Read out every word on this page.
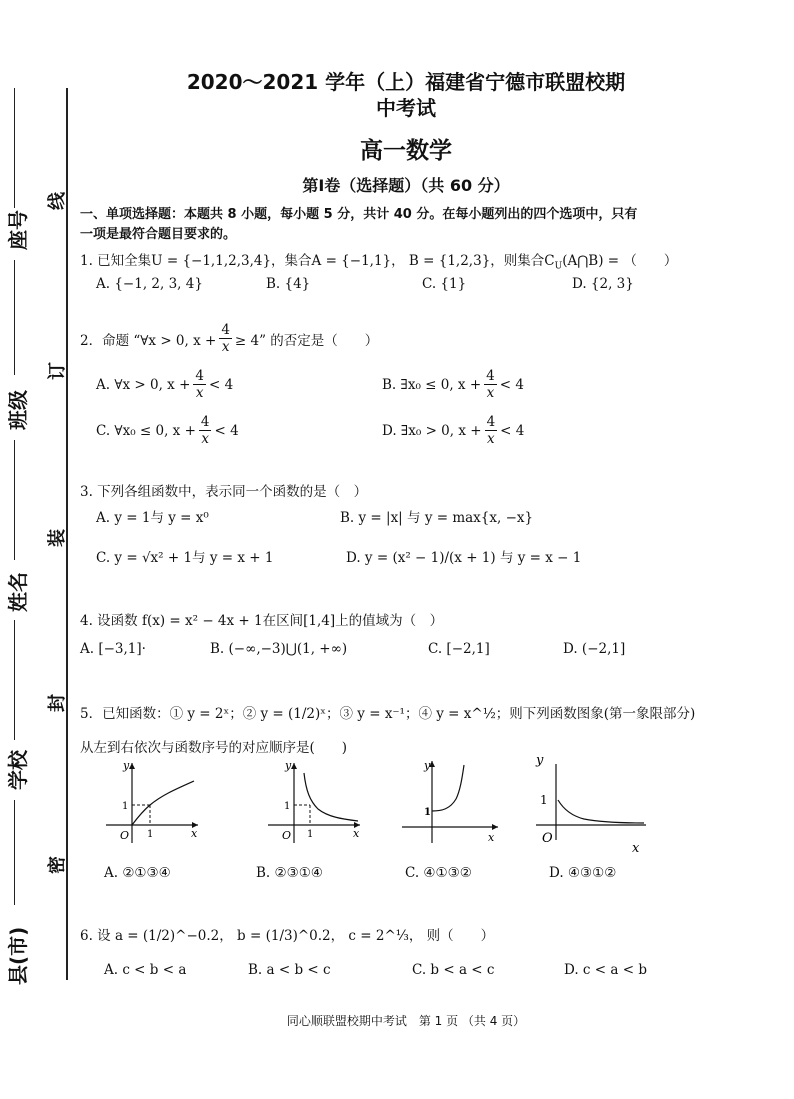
线
订
装
封
密
座号
班级
姓名
学校
县(市)
2020～2021 学年（上）福建省宁德市联盟校期
中考试
高一数学
第Ⅰ卷（选择题）（共 60 分）
一、单项选择题：本题共 8 小题，每小题 5 分，共计 40 分。在每小题列出的四个选项中，只有
一项是最符合题目要求的。
1. 已知全集U = {−1,1,2,3,4}，集合A = {−1,1}， B = {1,2,3}，则集合$C_U(A⋂B)$ = （　　）
A. {−1, 2, 3, 4}	B. {4}	C. {1}	D. {2, 3}
2．命题 “∀x > 0, $x + \frac{4}{x} \ge 4$” 的否定是（　　）
A. ∀x > 0, $x + \frac{4}{x} < 4$	B. ∃x₀ ≤ 0, $x + \frac{4}{x} < 4$
C. ∀x₀ ≤ 0, $x + \frac{4}{x} < 4$	D. ∃x₀ > 0, $x + \frac{4}{x} < 4$
3. 下列各组函数中，表示同一个函数的是（　）
A. y = 1与 y = x⁰	B. y = |x| 与 y = max{x, −x}
C. y = √x² + 1与 y = x + 1	D. y = (x² − 1)/(x + 1) 与 y = x − 1
4. 设函数 f(x) = x² − 4x + 1在区间[1,4]上的值域为（　）
A. [−3,1]·	B. (−∞,−3)⋃(1, +∞)	C. [−2,1]	D. (−2,1]
5．已知函数：① y = 2ˣ；② y = (1/2)ˣ；③ y = x⁻¹；④ y = x^½；则下列函数图象(第一象限部分)
从左到右依次与函数序号的对应顺序是(　　)
y
x
O
1
1
y
x
O
1
1
y
x
1
y
x
O
1
A. ②①③④	B. ②③①④	C. ④①③②	D. ④③①②
6. 设 a = (1/2)^−0.2， b = (1/3)^0.2， c = 2^⅓， 则（　　）
A. c < b < a	B. a < b < c	C. b < a < c	D. c < a < b
同心顺联盟校期中考试　第 1 页 （共 4 页）
